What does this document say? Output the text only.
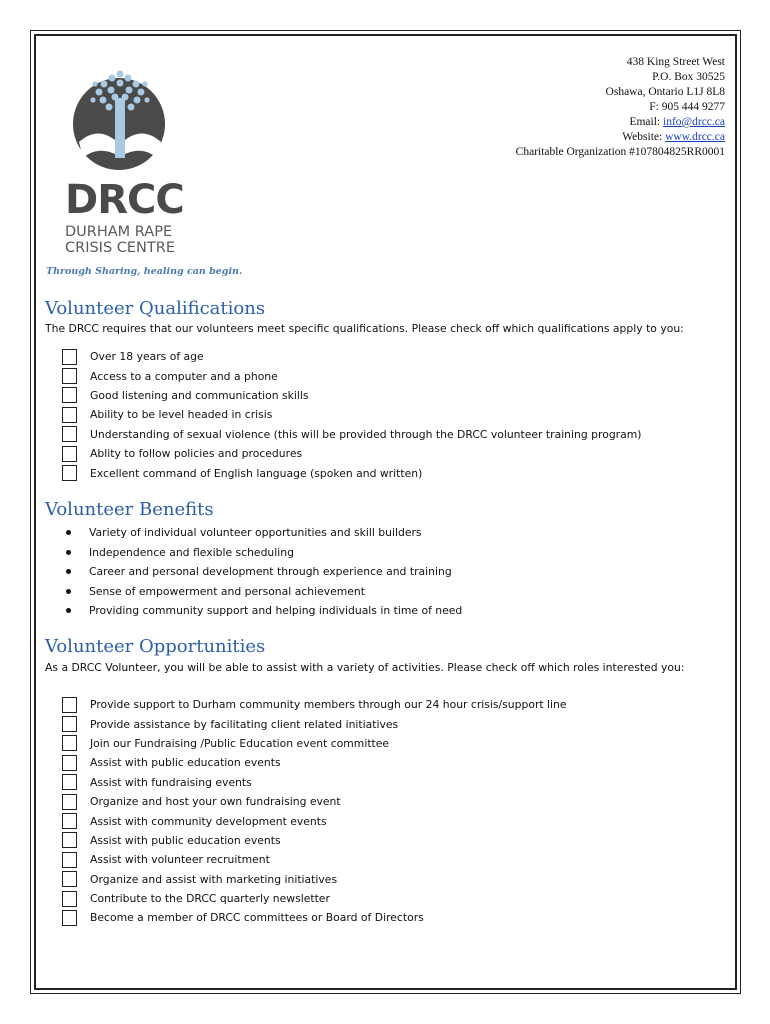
DRCC
DURHAM RAPE
CRISIS CENTRE
Through Sharing, healing can begin.
438 King Street West
P.O. Box 30525
Oshawa, Ontario L1J 8L8
F: 905 444 9277
Email: info@drcc.ca
Website: www.drcc.ca
Charitable Organization #107804825RR0001
Volunteer Qualifications
The DRCC requires that our volunteers meet specific qualifications. Please check off which qualifications apply to you:
Over 18 years of age
Access to a computer and a phone
Good listening and communication skills
Ability to be level headed in crisis
Understanding of sexual violence (this will be provided through the DRCC volunteer training program)
Ablity to follow policies and procedures
Excellent command of English language (spoken and written)
Volunteer Benefits
Variety of individual volunteer opportunities and skill builders
Independence and flexible scheduling
Career and personal development through experience and training
Sense of empowerment and personal achievement
Providing community support and helping individuals in time of need
Volunteer Opportunities
As a DRCC Volunteer, you will be able to assist with a variety of activities. Please check off which roles interested you:
Provide support to Durham community members through our 24 hour crisis/support line
Provide assistance by facilitating client related initiatives
Join our Fundraising /Public Education event committee
Assist with public education events
Assist with fundraising events
Organize and host your own fundraising event
Assist with community development events
Assist with public education events
Assist with volunteer recruitment
Organize and assist with marketing initiatives
Contribute to the DRCC quarterly newsletter
Become a member of DRCC committees or Board of Directors
